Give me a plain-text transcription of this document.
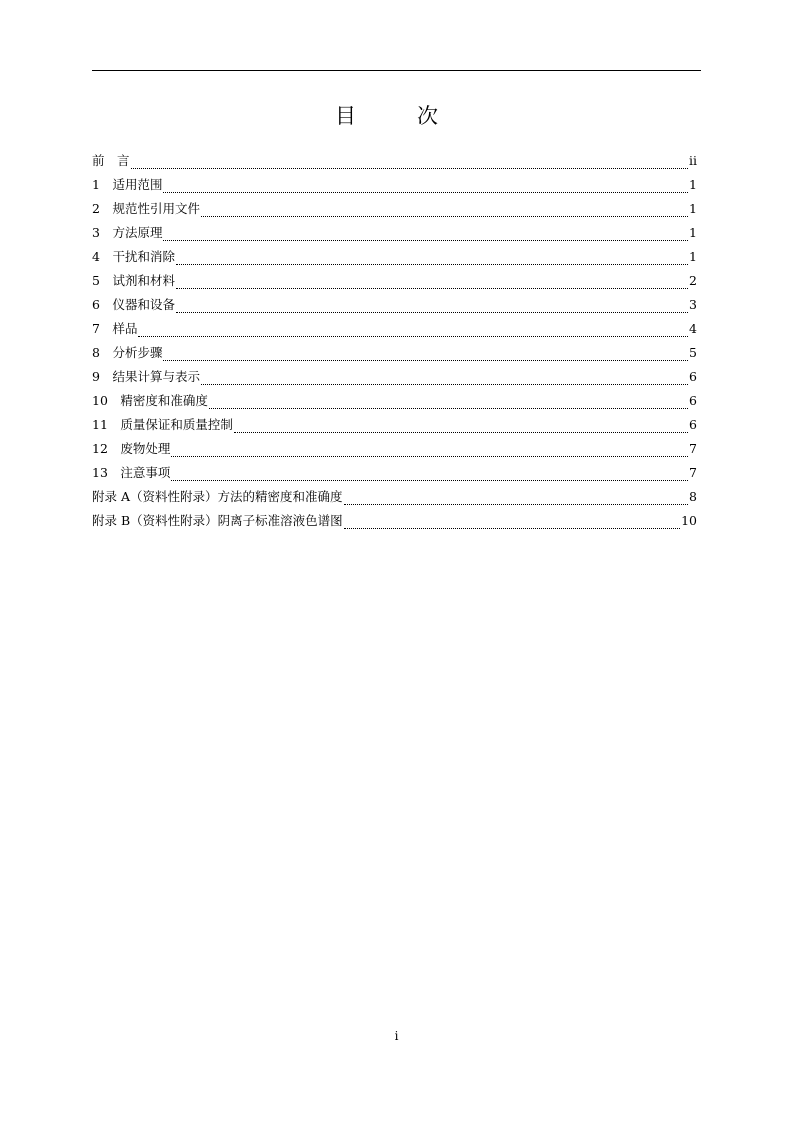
目　次
前　言	ii
1　适用范围	1
2　规范性引用文件	1
3　方法原理	1
4　干扰和消除	1
5　试剂和材料	2
6　仪器和设备	3
7　样品	4
8　分析步骤	5
9　结果计算与表示	6
10　精密度和准确度	6
11　质量保证和质量控制	6
12　废物处理	7
13　注意事项	7
附录 A（资料性附录）方法的精密度和准确度	8
附录 B（资料性附录）阴离子标准溶液色谱图	10
i
